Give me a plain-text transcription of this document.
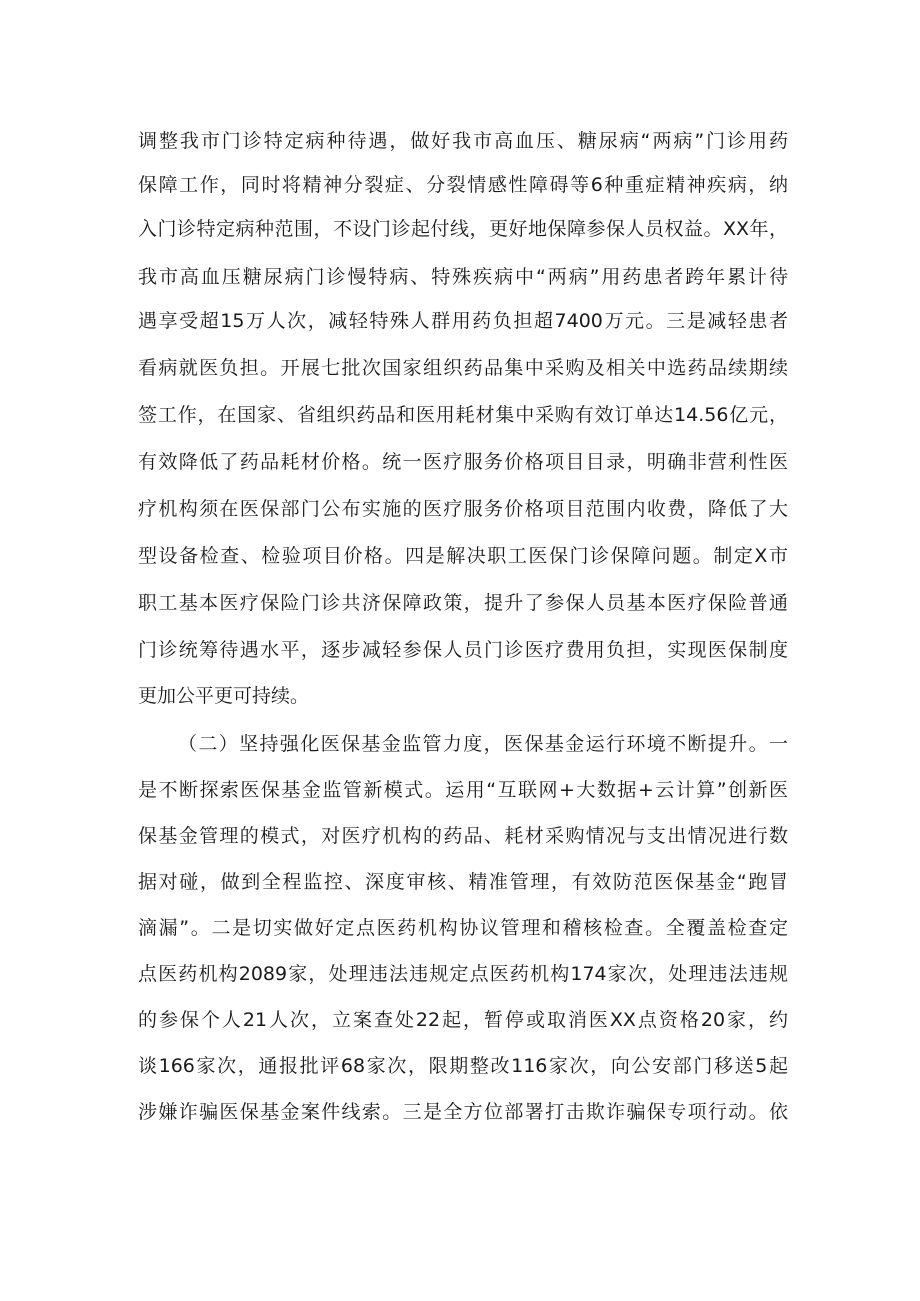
调整我市门诊特定病种待遇，做好我市高血压、糖尿病“两病”门诊用药
保障工作，同时将精神分裂症、分裂情感性障碍等6种重症精神疾病，纳
入门诊特定病种范围，不设门诊起付线，更好地保障参保人员权益。XX年，
我市高血压糖尿病门诊慢特病、特殊疾病中“两病”用药患者跨年累计待
遇享受超15万人次，减轻特殊人群用药负担超7400万元。三是减轻患者
看病就医负担。开展七批次国家组织药品集中采购及相关中选药品续期续
签工作，在国家、省组织药品和医用耗材集中采购有效订单达14.56亿元，
有效降低了药品耗材价格。统一医疗服务价格项目目录，明确非营利性医
疗机构须在医保部门公布实施的医疗服务价格项目范围内收费，降低了大
型设备检查、检验项目价格。四是解决职工医保门诊保障问题。制定X市
职工基本医疗保险门诊共济保障政策，提升了参保人员基本医疗保险普通
门诊统筹待遇水平，逐步减轻参保人员门诊医疗费用负担，实现医保制度
更加公平更可持续。
（二）坚持强化医保基金监管力度，医保基金运行环境不断提升。一
是不断探索医保基金监管新模式。运用“互联网+大数据+云计算”创新医
保基金管理的模式，对医疗机构的药品、耗材采购情况与支出情况进行数
据对碰，做到全程监控、深度审核、精准管理，有效防范医保基金“跑冒
滴漏”。二是切实做好定点医药机构协议管理和稽核检查。全覆盖检查定
点医药机构2089家，处理违法违规定点医药机构174家次，处理违法违规
的参保个人21人次，立案查处22起，暂停或取消医XX点资格20家，约
谈166家次，通报批评68家次，限期整改116家次，向公安部门移送5起
涉嫌诈骗医保基金案件线索。三是全方位部署打击欺诈骗保专项行动。依
